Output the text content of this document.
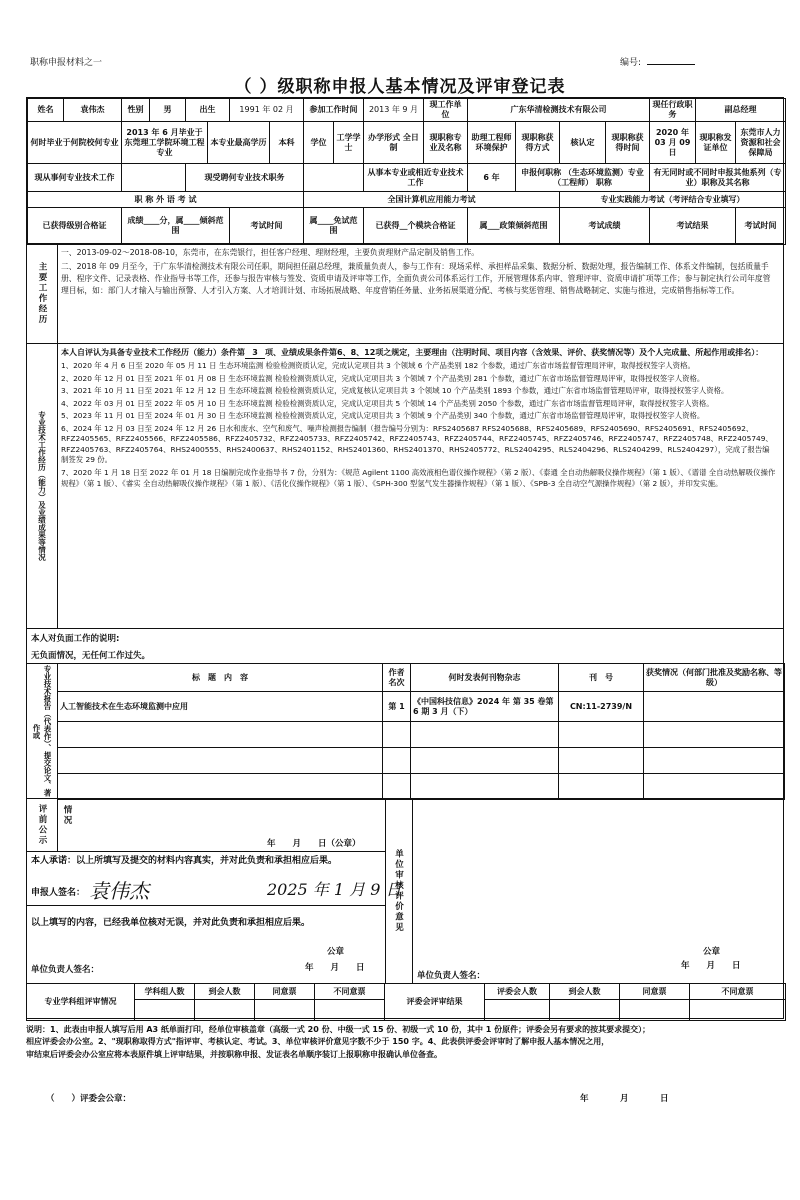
职称申报材料之一	编号:
（ ）级职称申报人基本情况及评审登记表
姓名	袁伟杰	性别	男	出生		1991 年 02 月		参加工作时间		2013 年 9 月	现工作单位	广东华清检测技术有限公司				现任行政职务	副总经理		
何时毕业于何院校何专业		2013 年 6 月毕业于东莞理工学院环境工程专业			本专业最高学历		本科	学位	工学学士	办学形式 全日制	现职称专业及名称	助理工程师环境保护	现职称获得方式	核认定	现职称获得时间	2020 年 03 月 09 日	现职称发证单位	东莞市人力资源和社会保障局	
现从事何专业技术工作				现受聘何专业技术职务						从事本专业或相近专业技术工作		6 年	申报何职称 （生态环境监测）专业（工程师） 职称			有无同时或不同时申报其他系列（专业）职称及其名称	
职 称 外 语 考 试								全国计算机应用能力考试						专业实践能力考试（考评结合专业填写）					
已获得级别合格证		成绩____分，属____倾斜范围				考试时间		属____免试范围		已获得__个模块合格证		属___政策倾斜范围		考试成绩		考试结果		考试时间	
主要工作经历

一、2013-09-02～2018-08-10，东莞市，在东莞银行，担任客户经理、理财经理，主要负责理财产品定制及销售工作。

二、2018 年 09 月至今，于广东华清检测技术有限公司任职，期间担任副总经理，兼质量负责人，参与工作有：现场采样、承担样品采集、数据分析、数据处理，报告编制工作、体系文件编制，包括质量手册、程序文件、记录表格、作业指导书等工作，还参与报告审核与签发、资质申请及评审等工作，全面负责公司体系运行工作，开展管理体系内审、管理评审、资质申请扩项等工作；参与制定执行公司年度管理目标，如：部门人才输入与输出预警、人才引入方案、人才培训计划、市场拓展战略、年度营销任务量、业务拓展渠道分配、考核与奖惩管理、销售战略制定、实施与推进，完成销售指标等工作。

专业技术工作经历（能力）及业绩成果等情况

本人自评认为具备专业技术工作经历（能力）条件第 3 项、业绩成果条件第6、8、12项之规定，主要理由（注明时间、项目内容（含效果、评价、获奖情况等）及个人完成量、所起作用或排名）：

1、2020 年 4 月 6 日至 2020 年 05 月 11 日 生态环境监测 检验检测资质认定，完成认定项目共 3 个领域 6 个产品类别 182 个参数，通过广东省市场监督管理局评审，取得授权签字人资格。

2、2020 年 12 月 01 日至 2021 年 01 月 08 日 生态环境监测 检验检测资质认定，完成认定项目共 3 个领域 7 个产品类别 281 个参数，通过广东省市场监督管理局评审，取得授权签字人资格。

3、2021 年 10 月 11 日至 2021 年 12 月 12 日 生态环境监测 检验检测资质认定，完成复核认定项目共 3 个领域 10 个产品类别 1893 个参数，通过广东省市场监督管理局评审，取得授权签字人资格。

4、2022 年 03 月 01 日至 2022 年 05 月 10 日 生态环境监测 检验检测资质认定，完成认定项目共 5 个领域 14 个产品类别 2050 个参数，通过广东省市场监督管理局评审，取得授权签字人资格。

5、2023 年 11 月 01 日至 2024 年 01 月 30 日 生态环境监测 检验检测资质认定，完成认定项目共 3 个领域 9 个产品类别 340 个参数，通过广东省市场监督管理局评审，取得授权签字人资格。

6、2024 年 12 月 03 日至 2024 年 12 月 26 日水和废水、空气和废气、噪声检测报告编制（报告编号分别为：RFS2405687 RFS2405688、RFS2405689、RFS2405690、RFS2405691、RFS2405692、RFZ2405565、RFZ2405566、RFZ2405586、RFZ2405732、RFZ2405733、RFZ2405742、RFZ2405743、RFZ2405744、RFZ2405745、RFZ2405746、RFZ2405747、RFZ2405748、RFZ2405749、RFZ2405763、RFZ2405764、RHS2400555、RHS2400637、RHS2401152、RHS2401360、RHS2401370、RHS2405772、RLS2404295、RLS2404296、RLS2404299、RLS2404297），完成了报告编制签发 29 份。

7、2020 年 1 月 18 日至 2022 年 01 月 18 日编制完成作业指导书 7 份，分别为：《规范 Agilent 1100 高效液相色谱仪操作规程》（第 2 版）、《泰通 全自动热解吸仪操作规程》（第 1 版）、《谱谱 全自动热解吸仪操作规程》（第 1 版）、《睿实 全自动热解吸仪操作规程》（第 1 版）、《活化仪操作规程》（第 1 版）、《SPH-300 型氢气发生器操作规程》（第 1 版）、《SPB-3 全自动空气源操作规程》（第 2 版），并印发实施。

本人对负面工作的说明:
无负面情况，无任何工作过失。
专业技术报告（代表作）、提交论文、著作或
标　题　内　容	作者名次	何时发表何刊物杂志	刊　号	获奖情况（何部门批准及奖励名称、等级）
人工智能技术在生态环境监测中应用	第 1	《中国科技信息》2024 年 第 35 卷第 6 期 3 月（下）	CN:11-2739/N	

评前公示 情况
年　　月　　日（公章）
本人承诺：以上所填写及提交的材料内容真实，并对此负责和承担相应后果。
申报人签名： 袁伟杰	2025 年 1 月 9 日
以上填写的内容，已经我单位核对无误，并对此负责和承担相应后果。
公章
单位负责人签名：	年　　月　　日
单位审核评价意见
公章
单位负责人签名：
年　　月　　日
专业学科组评审情况	学科组人数	到会人数	同意票	不同意票	评委会评审结果	评委会人数	到会人数	同意票	不同意票

说明：1、此表由申报人填写后用 A3 纸单面打印，经单位审核盖章（高级一式 20 份、中级一式 15 份、初级一式 10 份，其中 1 份原件；评委会另有要求的按其要求提交）；
相应评委会办公室。2、"现职称取得方式"指评审、考核认定、考试。3、单位审核评价意见字数不少于 150 字。4、此表供评委会评审时了解申报人基本情况之用，
审结束后评委会办公室应将本表原件填上评审结果，并按职称申报、发证表名单顺序装订上报职称申报确认单位备查。
（　　）评委会公章：	年	月	日
